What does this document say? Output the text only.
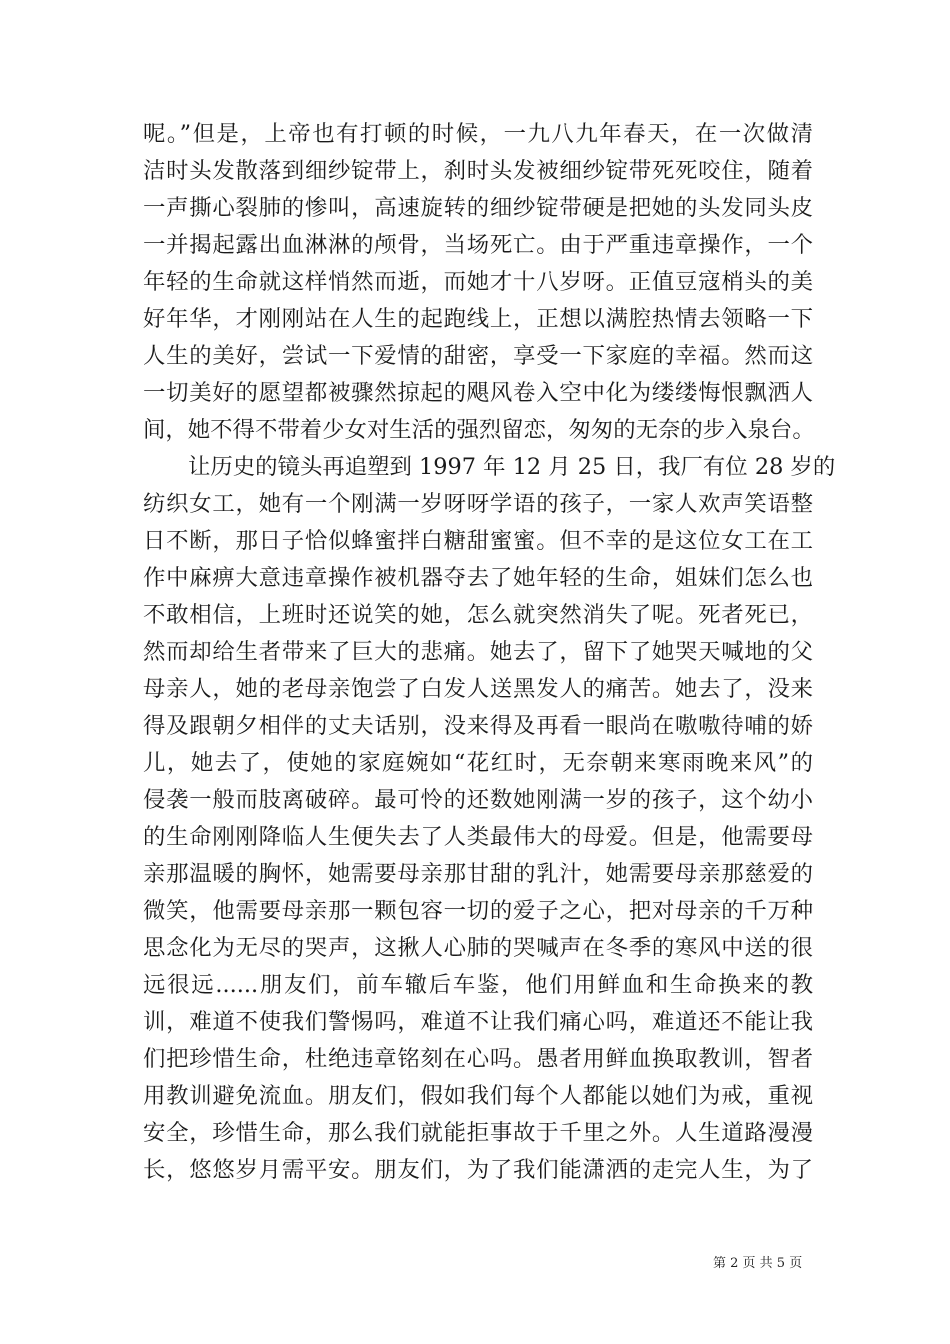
呢。”但是，上帝也有打顿的时候，一九八九年春天，在一次做清
洁时头发散落到细纱锭带上，刹时头发被细纱锭带死死咬住，随着
一声撕心裂肺的惨叫，高速旋转的细纱锭带硬是把她的头发同头皮
一并揭起露出血淋淋的颅骨，当场死亡。由于严重违章操作，一个
年轻的生命就这样悄然而逝，而她才十八岁呀。正值豆寇梢头的美
好年华，才刚刚站在人生的起跑线上，正想以满腔热情去领略一下
人生的美好，尝试一下爱情的甜密，享受一下家庭的幸福。然而这
一切美好的愿望都被骤然掠起的飓风卷入空中化为缕缕悔恨飘洒人
间，她不得不带着少女对生活的强烈留恋，匆匆的无奈的步入泉台。
让历史的镜头再追塑到 1997 年 12 月 25 日，我厂有位 28 岁的
纺织女工，她有一个刚满一岁呀呀学语的孩子，一家人欢声笑语整
日不断，那日子恰似蜂蜜拌白糖甜蜜蜜。但不幸的是这位女工在工
作中麻痹大意违章操作被机器夺去了她年轻的生命，姐妹们怎么也
不敢相信，上班时还说笑的她，怎么就突然消失了呢。死者死已，
然而却给生者带来了巨大的悲痛。她去了，留下了她哭天喊地的父
母亲人，她的老母亲饱尝了白发人送黑发人的痛苦。她去了，没来
得及跟朝夕相伴的丈夫话别，没来得及再看一眼尚在嗷嗷待哺的娇
儿，她去了，使她的家庭婉如“花红时，无奈朝来寒雨晚来风”的
侵袭一般而肢离破碎。最可怜的还数她刚满一岁的孩子，这个幼小
的生命刚刚降临人生便失去了人类最伟大的母爱。但是，他需要母
亲那温暖的胸怀，她需要母亲那甘甜的乳汁，她需要母亲那慈爱的
微笑，他需要母亲那一颗包容一切的爱子之心，把对母亲的千万种
思念化为无尽的哭声，这揪人心肺的哭喊声在冬季的寒风中送的很
远很远......朋友们，前车辙后车鉴，他们用鲜血和生命换来的教
训，难道不使我们警惕吗，难道不让我们痛心吗，难道还不能让我
们把珍惜生命，杜绝违章铭刻在心吗。愚者用鲜血换取教训，智者
用教训避免流血。朋友们，假如我们每个人都能以她们为戒，重视
安全，珍惜生命，那么我们就能拒事故于千里之外。人生道路漫漫
长，悠悠岁月需平安。朋友们，为了我们能潇洒的走完人生，为了
第 2 页 共 5 页
